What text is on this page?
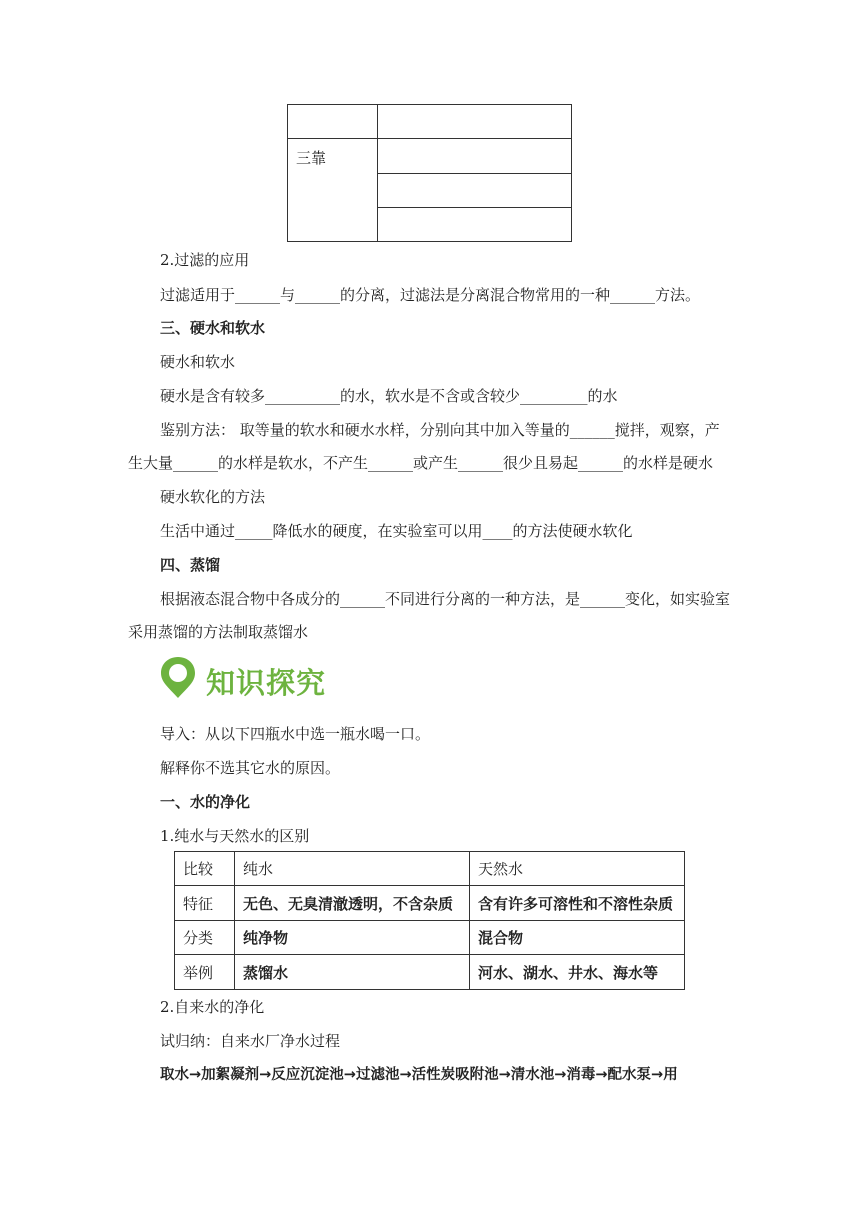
三靠	

2.过滤的应用
过滤适用于______与______的分离，过滤法是分离混合物常用的一种______方法。
三、硬水和软水
硬水和软水
硬水是含有较多__________的水，软水是不含或含较少_________的水
鉴别方法： 取等量的软水和硬水水样，分别向其中加入等量的______搅拌，观察，产
生大量______的水样是软水，不产生______或产生______很少且易起______的水样是硬水
硬水软化的方法
生活中通过_____降低水的硬度，在实验室可以用____的方法使硬水软化
四、蒸馏
根据液态混合物中各成分的______不同进行分离的一种方法，是______变化，如实验室
采用蒸馏的方法制取蒸馏水
知识探究
导入：从以下四瓶水中选一瓶水喝一口。
解释你不选其它水的原因。
一、水的净化
1.纯水与天然水的区别
比较	纯水	天然水
特征	无色、无臭清澈透明，不含杂质	含有许多可溶性和不溶性杂质
分类	纯净物	混合物
举例	蒸馏水	河水、湖水、井水、海水等
2.自来水的净化
试归纳：自来水厂净水过程
取水→加絮凝剂→反应沉淀池→过滤池→活性炭吸附池→清水池→消毒→配水泵→用
